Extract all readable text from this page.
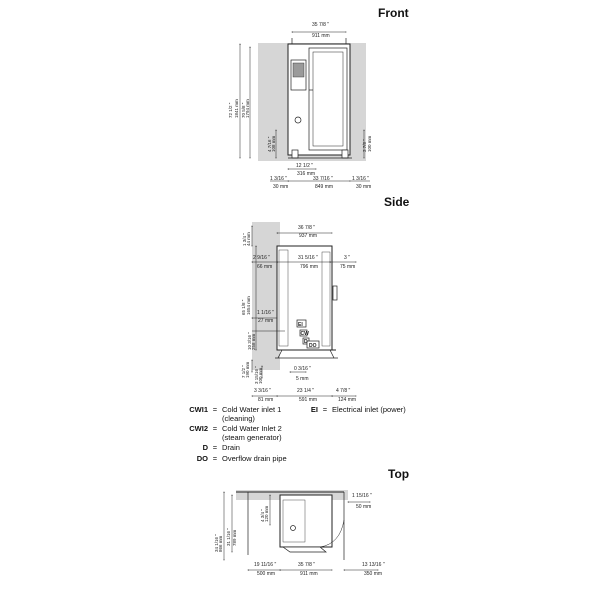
Front
Side
Top
35 7/8 "
911 mm
72 1/2 " 1841 mm 70 5/8 " 1794 mm
4 7/16 " 108 mm	3 7/8 " 100 mm
12 1/2 "
316 mm
1 3/16 "
30 mm
33 7/16 "
849 mm
1 3/16 "
30 mm
EI
CW
D
DO
36 7/8 "
937 mm
1 3/4 " 44 mm
2 9/16 "
66 mm
31 5/16 "
796 mm
3 "
75 mm
65 1/8 " 1654 mm 1 1/16 "
27 mm
10 3/16 " 258 mm
7 1/2 " 190 mm 3 15/16 " 100 mm	0 3/16 "
5 mm
3 3/16 "
81 mm
23 1/4 "
591 mm
4 7/8 "
124 mm
34 1/16 " 866 mm 31 1/16 " 789 mm
4 3/4 " 120 mm
1 15/16 "
50 mm
19 11/16 "
500 mm
35 7/8 "
911 mm
13 13/16 "
350 mm
CWI1 = Cold Water inlet 1
(cleaning)
CWI2 = Cold Water Inlet 2
(steam generator)
D = Drain
DO = Overflow drain pipe
EI = Electrical inlet (power)
